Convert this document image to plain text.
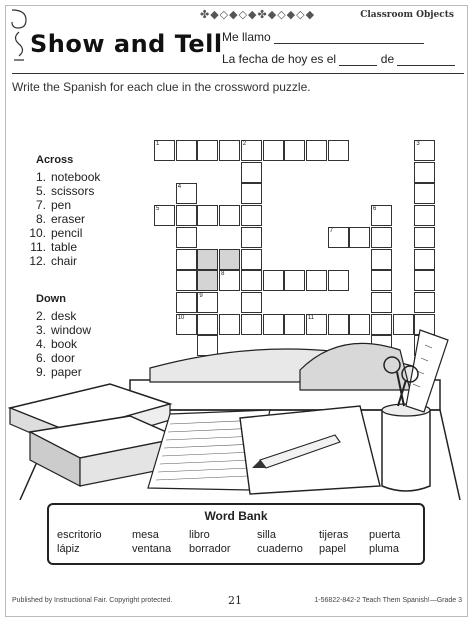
✤◆◇◆◇◆✤◆◇◆◇◆	Classroom Objects
Show and Tell Me llamo
La fecha de hoy es el	de
Write the Spanish for each clue in the crossword puzzle.
Across
1. notebook
5. scissors
7. pen
8. eraser
10. pencil
11. table
12. chair
Down
2. desk
3. window
4. book
6. door
9. paper
1	2	3
4
5	6
7
8
9
10	11
Word Bank
escritorio	mesa	libro	silla	tijeras puerta
lápiz	ventana borrador cuaderno papel pluma
Published by Instructional Fair. Copyright protected.	21	1-56822-842-2 Teach Them Spanish!—Grade 3
